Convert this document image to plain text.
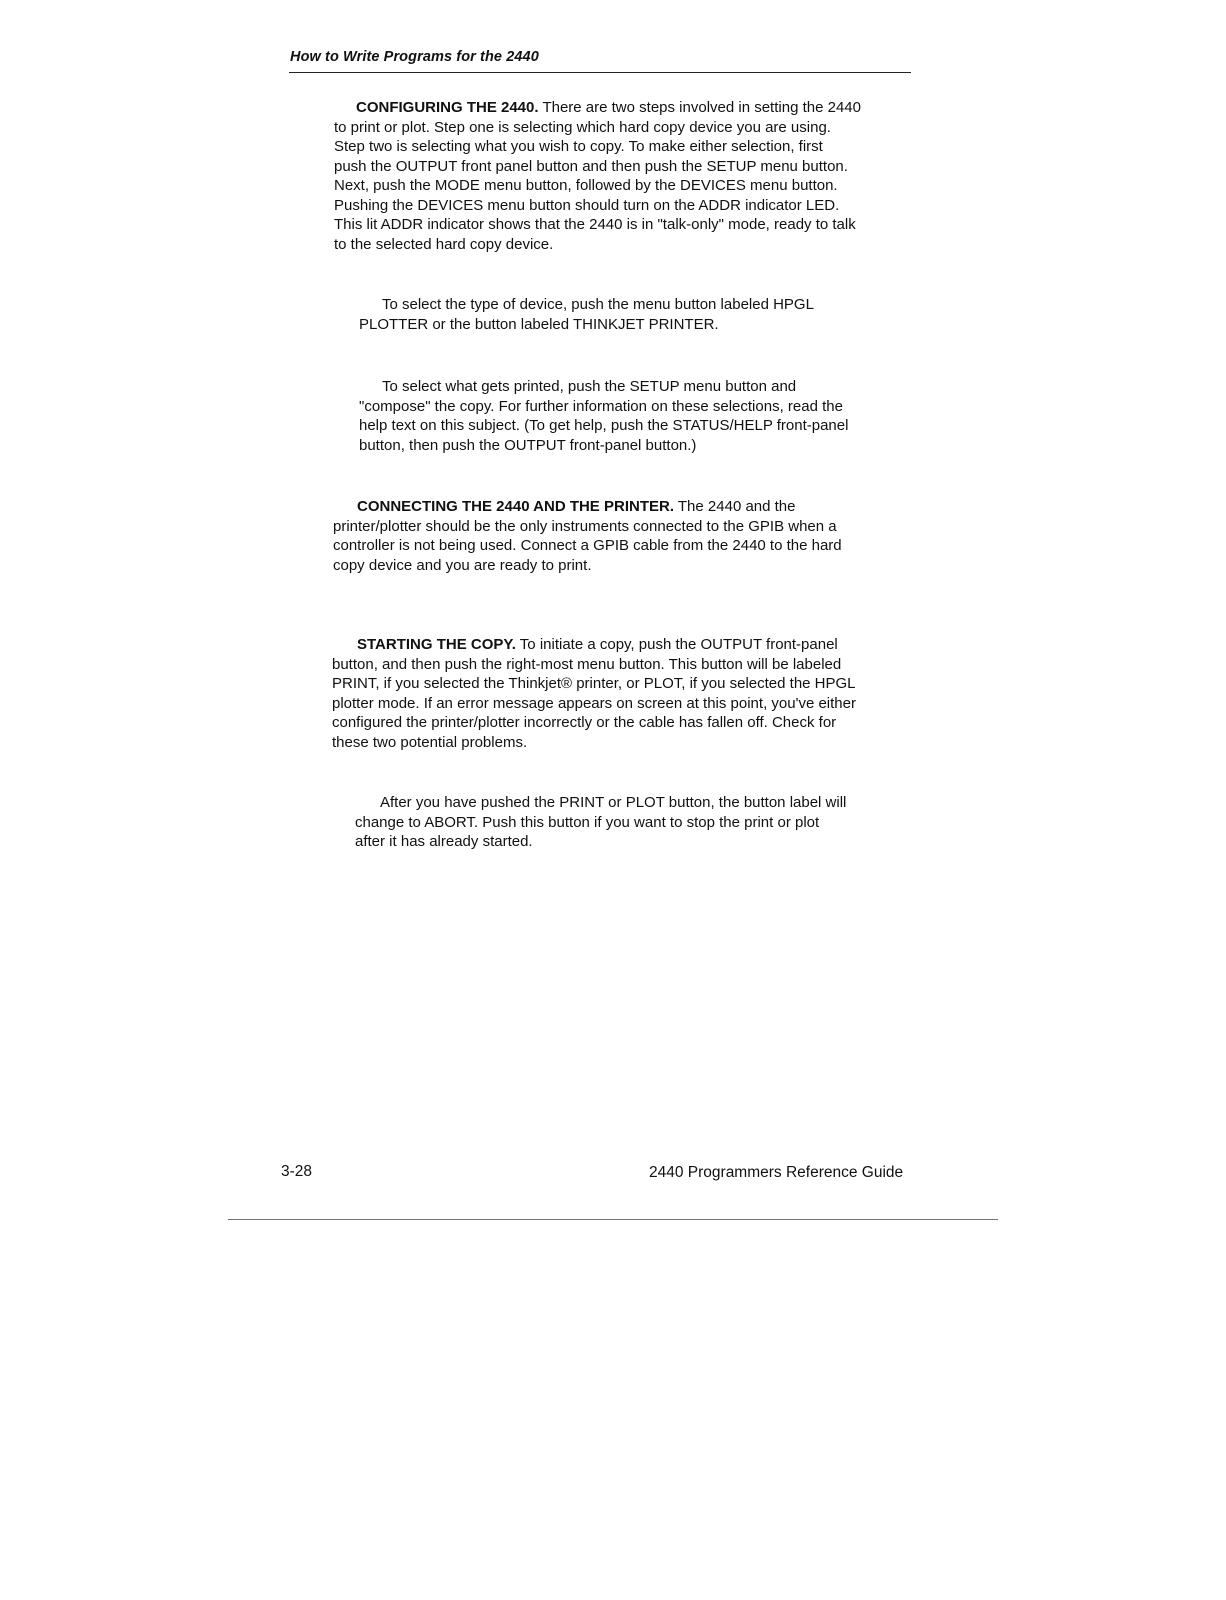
How to Write Programs for the 2440
CONFIGURING THE 2440. There are two steps involved in setting the 2440
to print or plot. Step one is selecting which hard copy device you are using.
Step two is selecting what you wish to copy. To make either selection, first
push the OUTPUT front panel button and then push the SETUP menu button.
Next, push the MODE menu button, followed by the DEVICES menu button.
Pushing the DEVICES menu button should turn on the ADDR indicator LED.
This lit ADDR indicator shows that the 2440 is in "talk-only" mode, ready to talk
to the selected hard copy device.
To select the type of device, push the menu button labeled HPGL
PLOTTER or the button labeled THINKJET PRINTER.
To select what gets printed, push the SETUP menu button and
"compose" the copy. For further information on these selections, read the
help text on this subject. (To get help, push the STATUS/HELP front-panel
button, then push the OUTPUT front-panel button.)
CONNECTING THE 2440 AND THE PRINTER. The 2440 and the
printer/plotter should be the only instruments connected to the GPIB when a
controller is not being used. Connect a GPIB cable from the 2440 to the hard
copy device and you are ready to print.
STARTING THE COPY. To initiate a copy, push the OUTPUT front-panel
button, and then push the right-most menu button. This button will be labeled
PRINT, if you selected the Thinkjet® printer, or PLOT, if you selected the HPGL
plotter mode. If an error message appears on screen at this point, you've either
configured the printer/plotter incorrectly or the cable has fallen off. Check for
these two potential problems.
After you have pushed the PRINT or PLOT button, the button label will
change to ABORT. Push this button if you want to stop the print or plot
after it has already started.
3-28	2440 Programmers Reference Guide
